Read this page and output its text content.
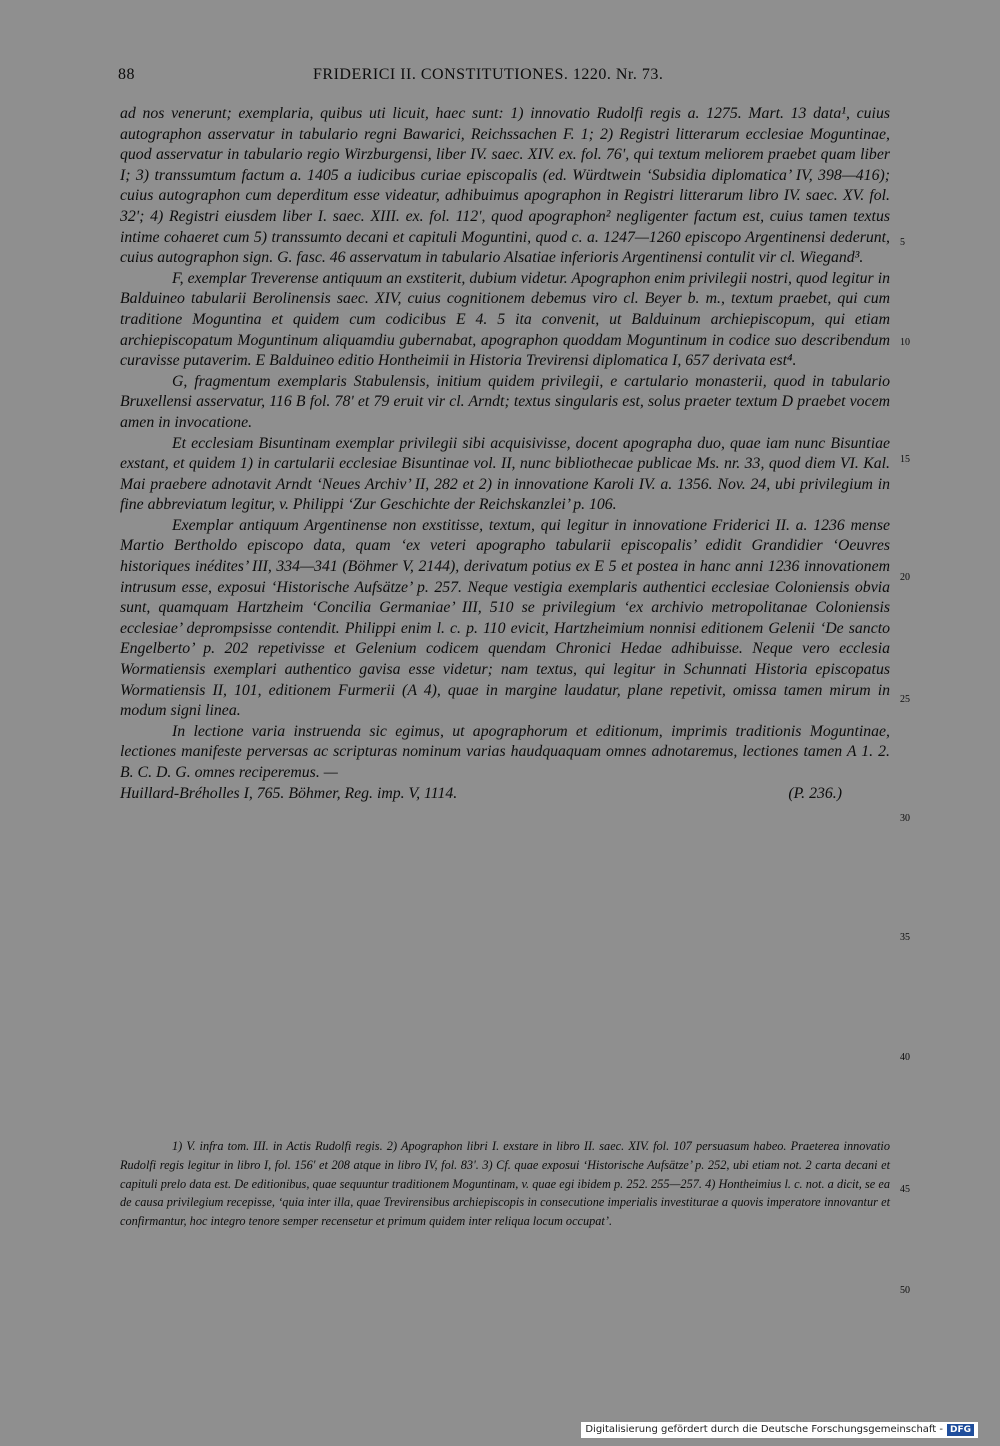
88	FRIDERICI II. CONSTITUTIONES. 1220. Nr. 73.

ad nos venerunt; exemplaria, quibus uti licuit, haec sunt: 1) innovatio Rudolfi regis a. 1275. Mart. 13 data¹, cuius autographon asservatur in tabulario regni Bawarici, Reichssachen F. 1; 2) Registri litterarum ecclesiae Moguntinae, quod asservatur in tabulario regio Wirzburgensi, liber IV. saec. XIV. ex. fol. 76ʹ, qui textum meliorem praebet quam liber I; 3) transsumtum factum a. 1405 a iudicibus curiae episcopalis (ed. Würdtwein ‘Subsidia diplomatica’ IV, 398—416); cuius autographon cum deperditum esse videatur, adhibuimus apographon in Registri litterarum libro IV. saec. XV. fol. 32ʹ; 4) Registri eiusdem liber I. saec. XIII. ex. fol. 112ʹ, quod apographon² negligenter factum est, cuius tamen textus intime cohaeret cum 5) transsumto decani et capituli Moguntini, quod c. a. 1247—1260 episcopo Argentinensi dederunt, cuius autographon sign. G. fasc. 46 asservatum in tabulario Alsatiae inferioris Argentinensi contulit vir cl. Wiegand³.

F, exemplar Treverense antiquum an exstiterit, dubium videtur. Apographon enim privilegii nostri, quod legitur in Balduineo tabularii Berolinensis saec. XIV, cuius cognitionem debemus viro cl. Beyer b. m., textum praebet, qui cum traditione Moguntina et quidem cum codicibus E 4. 5 ita convenit, ut Balduinum archiepiscopum, qui etiam archiepiscopatum Moguntinum aliquamdiu gubernabat, apographon quoddam Moguntinum in codice suo describendum curavisse putaverim. E Balduineo editio Hontheimii in Historia Trevirensi diplomatica I, 657 derivata est⁴.

G, fragmentum exemplaris Stabulensis, initium quidem privilegii, e cartulario monasterii, quod in tabulario Bruxellensi asservatur, 116 B fol. 78ʹ et 79 eruit vir cl. Arndt; textus singularis est, solus praeter textum D praebet vocem amen in invocatione.

Et ecclesiam Bisuntinam exemplar privilegii sibi acquisivisse, docent apographa duo, quae iam nunc Bisuntiae exstant, et quidem 1) in cartularii ecclesiae Bisuntinae vol. II, nunc bibliothecae publicae Ms. nr. 33, quod diem VI. Kal. Mai praebere adnotavit Arndt ‘Neues Archiv’ II, 282 et 2) in innovatione Karoli IV. a. 1356. Nov. 24, ubi privilegium in fine abbreviatum legitur, v. Philippi ‘Zur Geschichte der Reichskanzlei’ p. 106.

Exemplar antiquum Argentinense non exstitisse, textum, qui legitur in innovatione Friderici II. a. 1236 mense Martio Bertholdo episcopo data, quam ‘ex veteri apographo tabularii episcopalis’ edidit Grandidier ‘Oeuvres historiques inédites’ III, 334—341 (Böhmer V, 2144), derivatum potius ex E 5 et postea in hanc anni 1236 innovationem intrusum esse, exposui ‘Historische Aufsätze’ p. 257. Neque vestigia exemplaris authentici ecclesiae Coloniensis obvia sunt, quamquam Hartzheim ‘Concilia Germaniae’ III, 510 se privilegium ‘ex archivio metropolitanae Coloniensis ecclesiae’ deprompsisse contendit. Philippi enim l. c. p. 110 evicit, Hartzheimium nonnisi editionem Gelenii ‘De sancto Engelberto’ p. 202 repetivisse et Gelenium codicem quendam Chronici Hedae adhibuisse. Neque vero ecclesia Wormatiensis exemplari authentico gavisa esse videtur; nam textus, qui legitur in Schunnati Historia episcopatus Wormatiensis II, 101, editionem Furmerii (A 4), quae in margine laudatur, plane repetivit, omissa tamen mirum in modum signi linea.

In lectione varia instruenda sic egimus, ut apographorum et editionum, imprimis traditionis Moguntinae, lectiones manifeste perversas ac scripturas nominum varias haudquaquam omnes adnotaremus, lectiones tamen A 1. 2. B. C. D. G. omnes reciperemus. —

Huillard-Bréholles I, 765. Böhmer, Reg. imp. V, 1114.	(P. 236.)

1) V. infra tom. III. in Actis Rudolfi regis. 2) Apographon libri I. exstare in libro II. saec. XIV. fol. 107 persuasum habeo. Praeterea innovatio Rudolfi regis legitur in libro I, fol. 156ʹ et 208 atque in libro IV, fol. 83ʹ. 3) Cf. quae exposui ‘Historische Aufsätze’ p. 252, ubi etiam not. 2 carta decani et capituli prelo data est. De editionibus, quae sequuntur traditionem Moguntinam, v. quae egi ibidem p. 252. 255—257. 4) Hontheimius l. c. not. a dicit, se ea de causa privilegium recepisse, ‘quia inter illa, quae Trevirensibus archiepiscopis in consecutione imperialis investiturae a quovis imperatore innovantur et confirmantur, hoc integro tenore semper recensetur et primum quidem inter reliqua locum occupat’.

5
10
15
20
25
30
35
40
45
50
Digitalisierung gefördert durch die Deutsche Forschungsgemeinschaft - DFG
